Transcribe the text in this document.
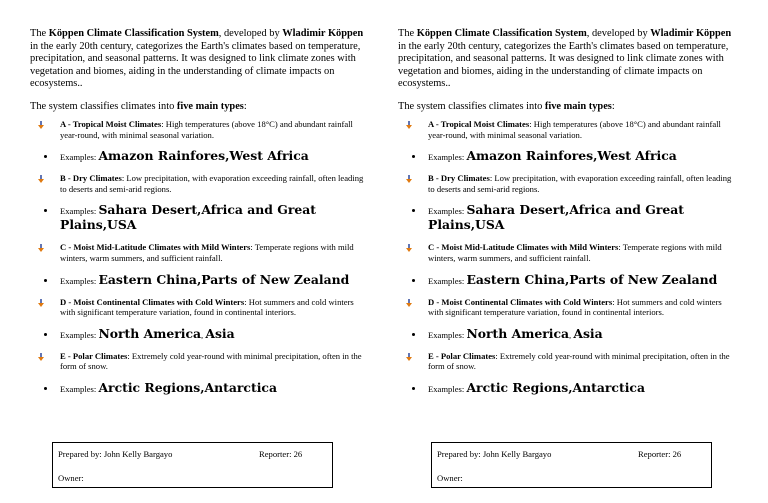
The Köppen Climate Classification System, developed by Wladimir Köppen in the early 20th century, categorizes the Earth's climates based on temperature, precipitation, and seasonal patterns. It was designed to link climate zones with vegetation and biomes, aiding in the understanding of climate impacts on ecosystems..

The system classifies climates into five main types:

A - Tropical Moist Climates: High temperatures (above 18°C) and abundant rainfall year-round, with minimal seasonal variation.
Examples: Amazon Rainfores,West Africa
B - Dry Climates: Low precipitation, with evaporation exceeding rainfall, often leading to deserts and semi-arid regions.
Examples: Sahara Desert,Africa and Great Plains,USA
C - Moist Mid-Latitude Climates with Mild Winters: Temperate regions with mild winters, warm summers, and sufficient rainfall.
Examples: Eastern China,Parts of New Zealand
D - Moist Continental Climates with Cold Winters: Hot summers and cold winters with significant temperature variation, found in continental interiors.
Examples: North America, Asia
E - Polar Climates: Extremely cold year-round with minimal precipitation, often in the form of snow.
Examples: Arctic Regions,Antarctica

The Köppen Climate Classification System, developed by Wladimir Köppen in the early 20th century, categorizes the Earth's climates based on temperature, precipitation, and seasonal patterns. It was designed to link climate zones with vegetation and biomes, aiding in the understanding of climate impacts on ecosystems..

The system classifies climates into five main types:

A - Tropical Moist Climates: High temperatures (above 18°C) and abundant rainfall year-round, with minimal seasonal variation.
Examples: Amazon Rainfores,West Africa
B - Dry Climates: Low precipitation, with evaporation exceeding rainfall, often leading to deserts and semi-arid regions.
Examples: Sahara Desert,Africa and Great Plains,USA
C - Moist Mid-Latitude Climates with Mild Winters: Temperate regions with mild winters, warm summers, and sufficient rainfall.
Examples: Eastern China,Parts of New Zealand
D - Moist Continental Climates with Cold Winters: Hot summers and cold winters with significant temperature variation, found in continental interiors.
Examples: North America, Asia
E - Polar Climates: Extremely cold year-round with minimal precipitation, often in the form of snow.
Examples: Arctic Regions,Antarctica
Prepared by: John Kelly Bargayo	Reporter: 26
Owner:
Prepared by: John Kelly Bargayo	Reporter: 26
Owner:
